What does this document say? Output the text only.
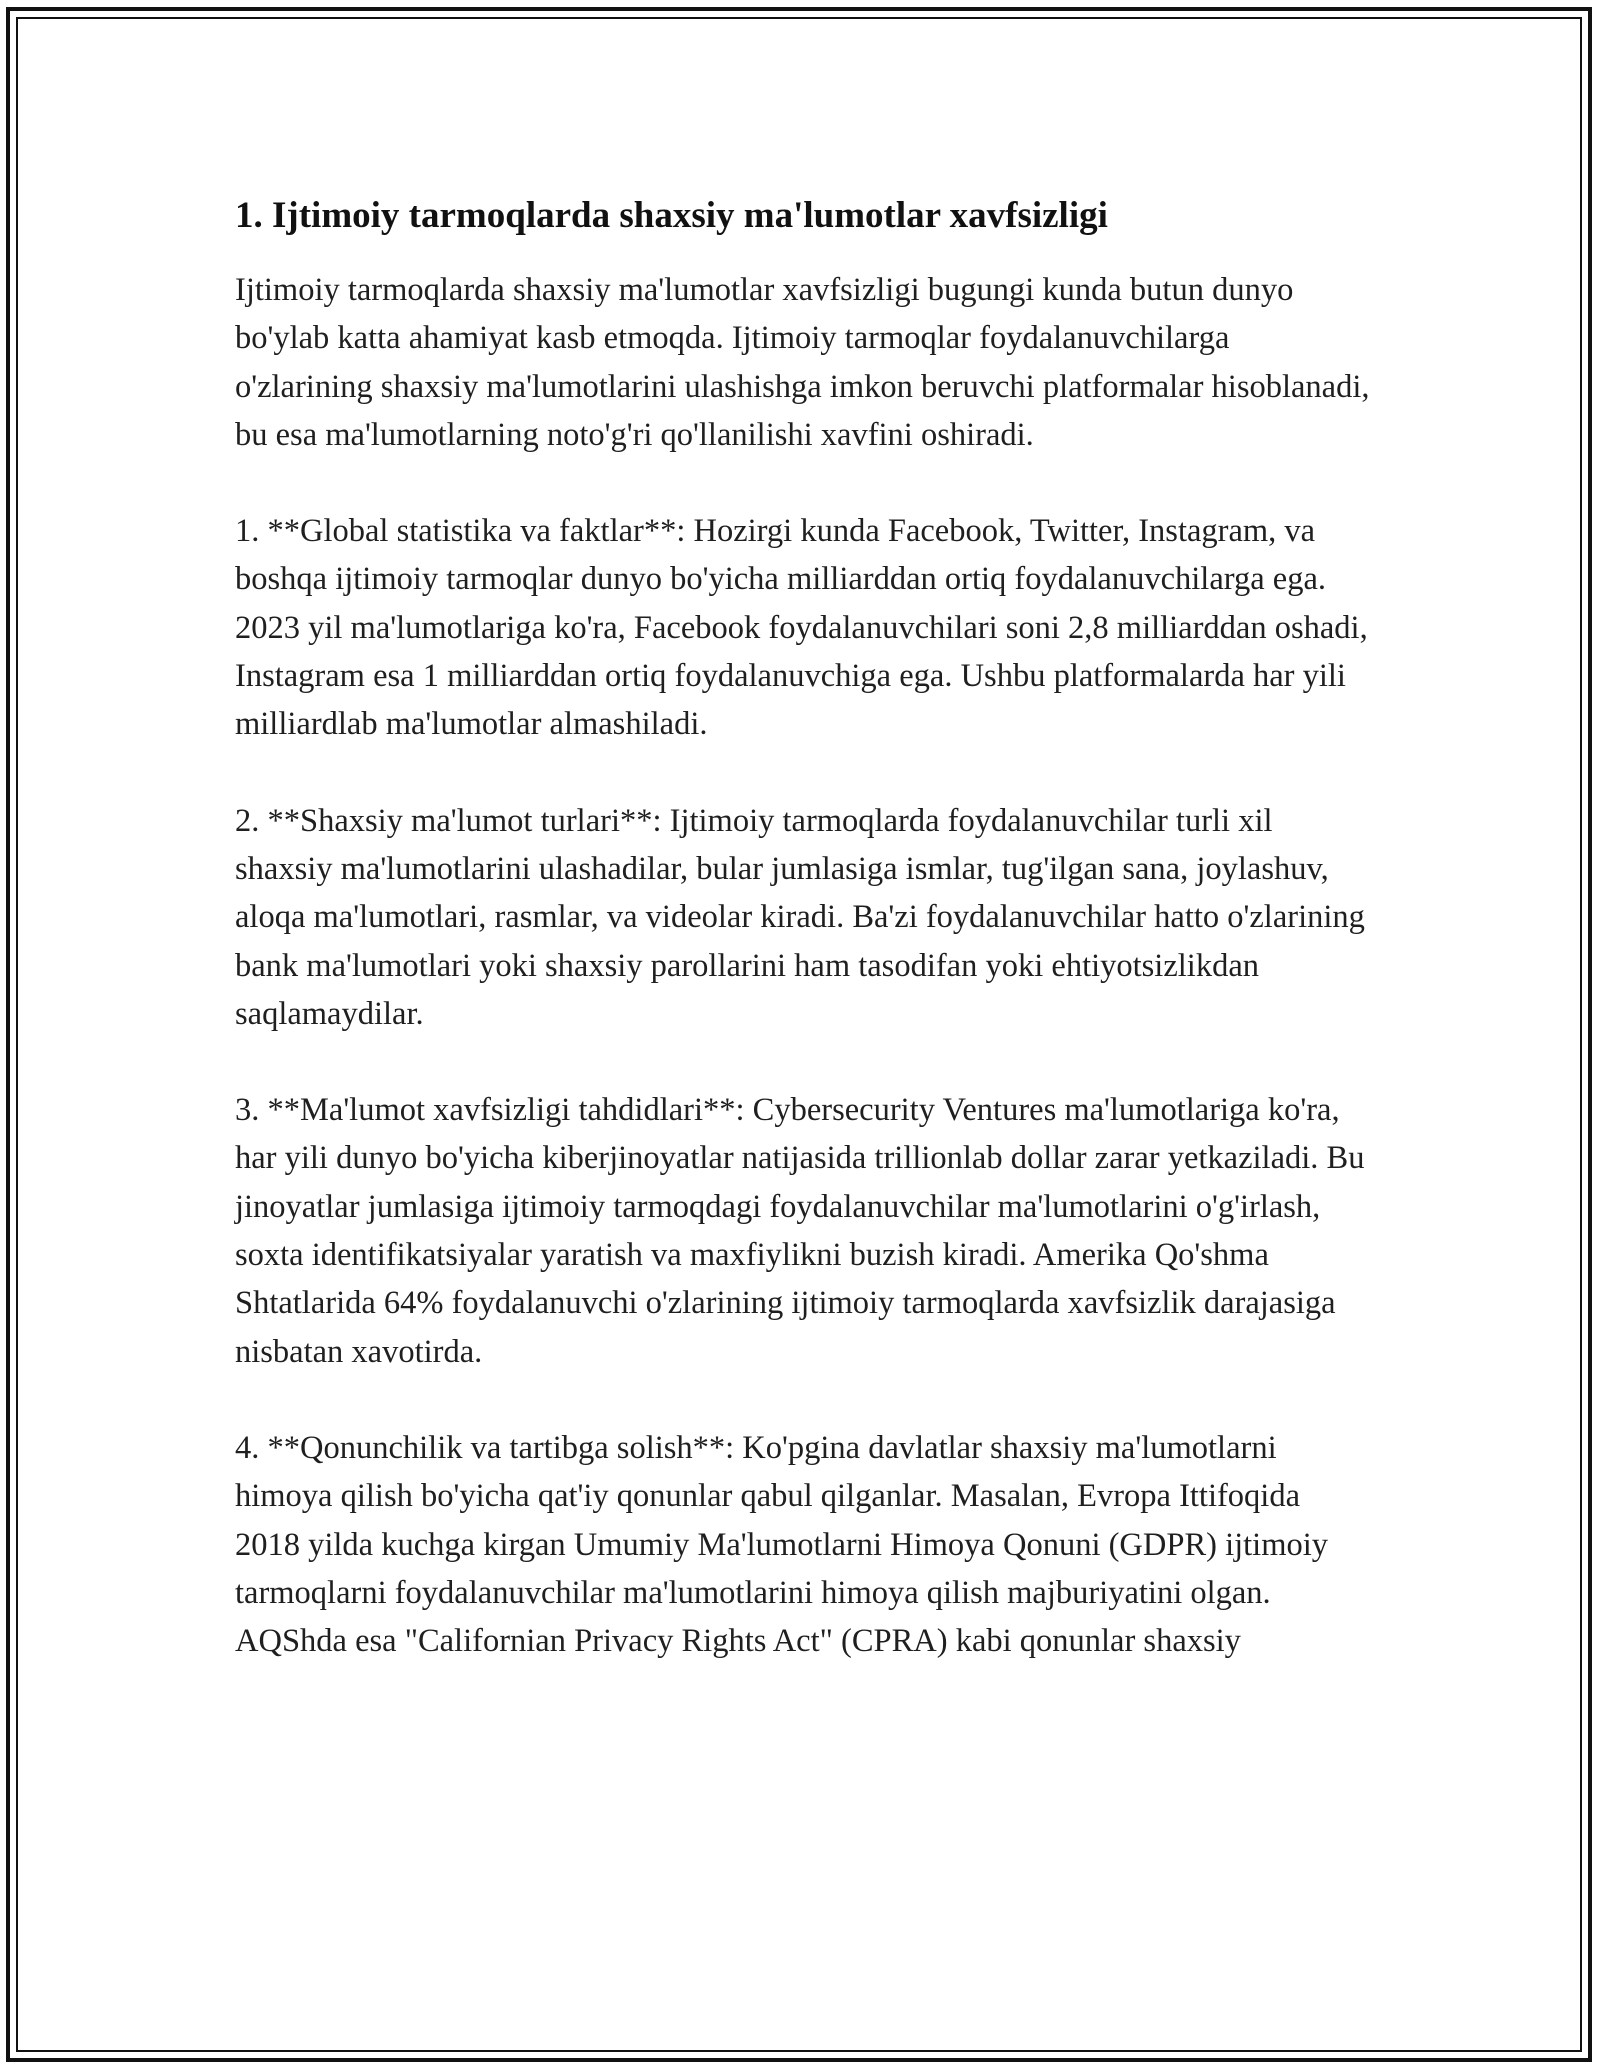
1. Ijtimoiy tarmoqlarda shaxsiy ma'lumotlar xavfsizligi

Ijtimoiy tarmoqlarda shaxsiy ma'lumotlar xavfsizligi bugungi kunda butun dunyo bo'ylab katta ahamiyat kasb etmoqda. Ijtimoiy tarmoqlar foydalanuvchilarga o'zlarining shaxsiy ma'lumotlarini ulashishga imkon beruvchi platformalar hisoblanadi, bu esa ma'lumotlarning noto'g'ri qo'llanilishi xavfini oshiradi.

1. **Global statistika va faktlar**: Hozirgi kunda Facebook, Twitter, Instagram, va boshqa ijtimoiy tarmoqlar dunyo bo'yicha milliarddan ortiq foydalanuvchilarga ega. 2023 yil ma'lumotlariga ko'ra, Facebook foydalanuvchilari soni 2,8 milliarddan oshadi, Instagram esa 1 milliarddan ortiq foydalanuvchiga ega. Ushbu platformalarda har yili milliardlab ma'lumotlar almashiladi.

2. **Shaxsiy ma'lumot turlari**: Ijtimoiy tarmoqlarda foydalanuvchilar turli xil shaxsiy ma'lumotlarini ulashadilar, bular jumlasiga ismlar, tug'ilgan sana, joylashuv, aloqa ma'lumotlari, rasmlar, va videolar kiradi. Ba'zi foydalanuvchilar hatto o'zlarining bank ma'lumotlari yoki shaxsiy parollarini ham tasodifan yoki ehtiyotsizlikdan saqlamaydilar.

3. **Ma'lumot xavfsizligi tahdidlari**: Cybersecurity Ventures ma'lumotlariga ko'ra, har yili dunyo bo'yicha kiberjinoyatlar natijasida trillionlab dollar zarar yetkaziladi. Bu jinoyatlar jumlasiga ijtimoiy tarmoqdagi foydalanuvchilar ma'lumotlarini o'g'irlash, soxta identifikatsiyalar yaratish va maxfiylikni buzish kiradi. Amerika Qo'shma Shtatlarida 64% foydalanuvchi o'zlarining ijtimoiy tarmoqlarda xavfsizlik darajasiga nisbatan xavotirda.

4. **Qonunchilik va tartibga solish**: Ko'pgina davlatlar shaxsiy ma'lumotlarni himoya qilish bo'yicha qat'iy qonunlar qabul qilganlar. Masalan, Evropa Ittifoqida 2018 yilda kuchga kirgan Umumiy Ma'lumotlarni Himoya Qonuni (GDPR) ijtimoiy tarmoqlarni foydalanuvchilar ma'lumotlarini himoya qilish majburiyatini olgan. AQShda esa "Californian Privacy Rights Act" (CPRA) kabi qonunlar shaxsiy
